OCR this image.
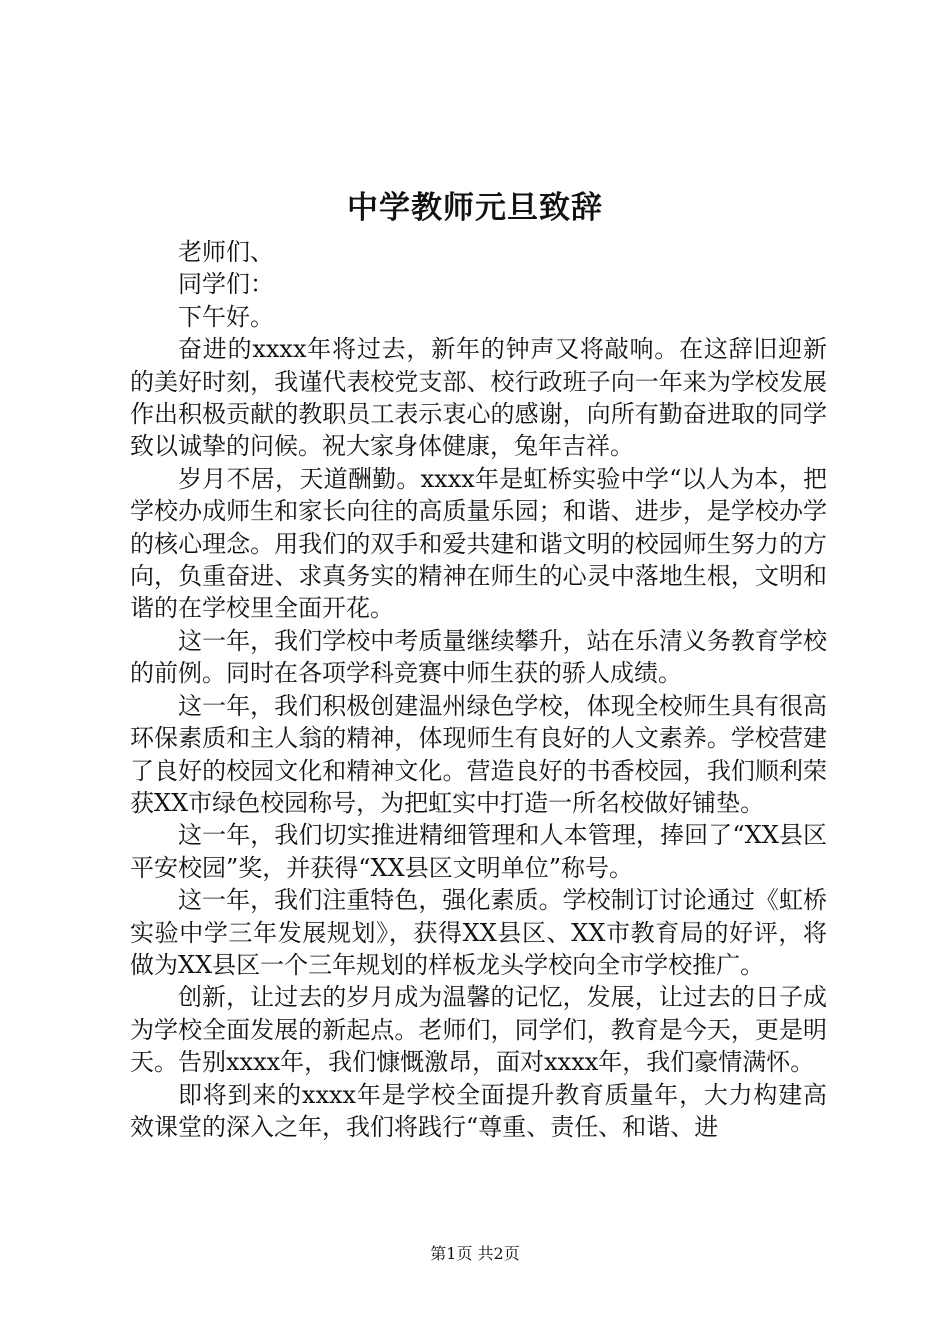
中学教师元旦致辞

老师们、

同学们：

下午好。

奋进的xxxx年将过去，新年的钟声又将敲响。在这辞旧迎新的美好时刻，我谨代表校党支部、校行政班子向一年来为学校发展作出积极贡献的教职员工表示衷心的感谢，向所有勤奋进取的同学致以诚挚的问候。祝大家身体健康，兔年吉祥。

岁月不居，天道酬勤。xxxx年是虹桥实验中学“以人为本，把学校办成师生和家长向往的高质量乐园；和谐、进步，是学校办学的核心理念。用我们的双手和爱共建和谐文明的校园师生努力的方向，负重奋进、求真务实的精神在师生的心灵中落地生根，文明和谐的在学校里全面开花。

这一年，我们学校中考质量继续攀升，站在乐清义务教育学校的前例。同时在各项学科竞赛中师生获的骄人成绩。

这一年，我们积极创建温州绿色学校，体现全校师生具有很高环保素质和主人翁的精神，体现师生有良好的人文素养。学校营建了良好的校园文化和精神文化。营造良好的书香校园，我们顺利荣获XX市绿色校园称号，为把虹实中打造一所名校做好铺垫。

这一年，我们切实推进精细管理和人本管理，捧回了“XX县区平安校园”奖，并获得“XX县区文明单位”称号。

这一年，我们注重特色，强化素质。学校制订讨论通过《虹桥实验中学三年发展规划》，获得XX县区、XX市教育局的好评，将做为XX县区一个三年规划的样板龙头学校向全市学校推广。

创新，让过去的岁月成为温馨的记忆，发展，让过去的日子成为学校全面发展的新起点。老师们，同学们，教育是今天，更是明天。告别xxxx年，我们慷慨激昂，面对xxxx年，我们豪情满怀。

即将到来的xxxx年是学校全面提升教育质量年，大力构建高效课堂的深入之年，我们将践行“尊重、责任、和谐、进

第1页 共2页
